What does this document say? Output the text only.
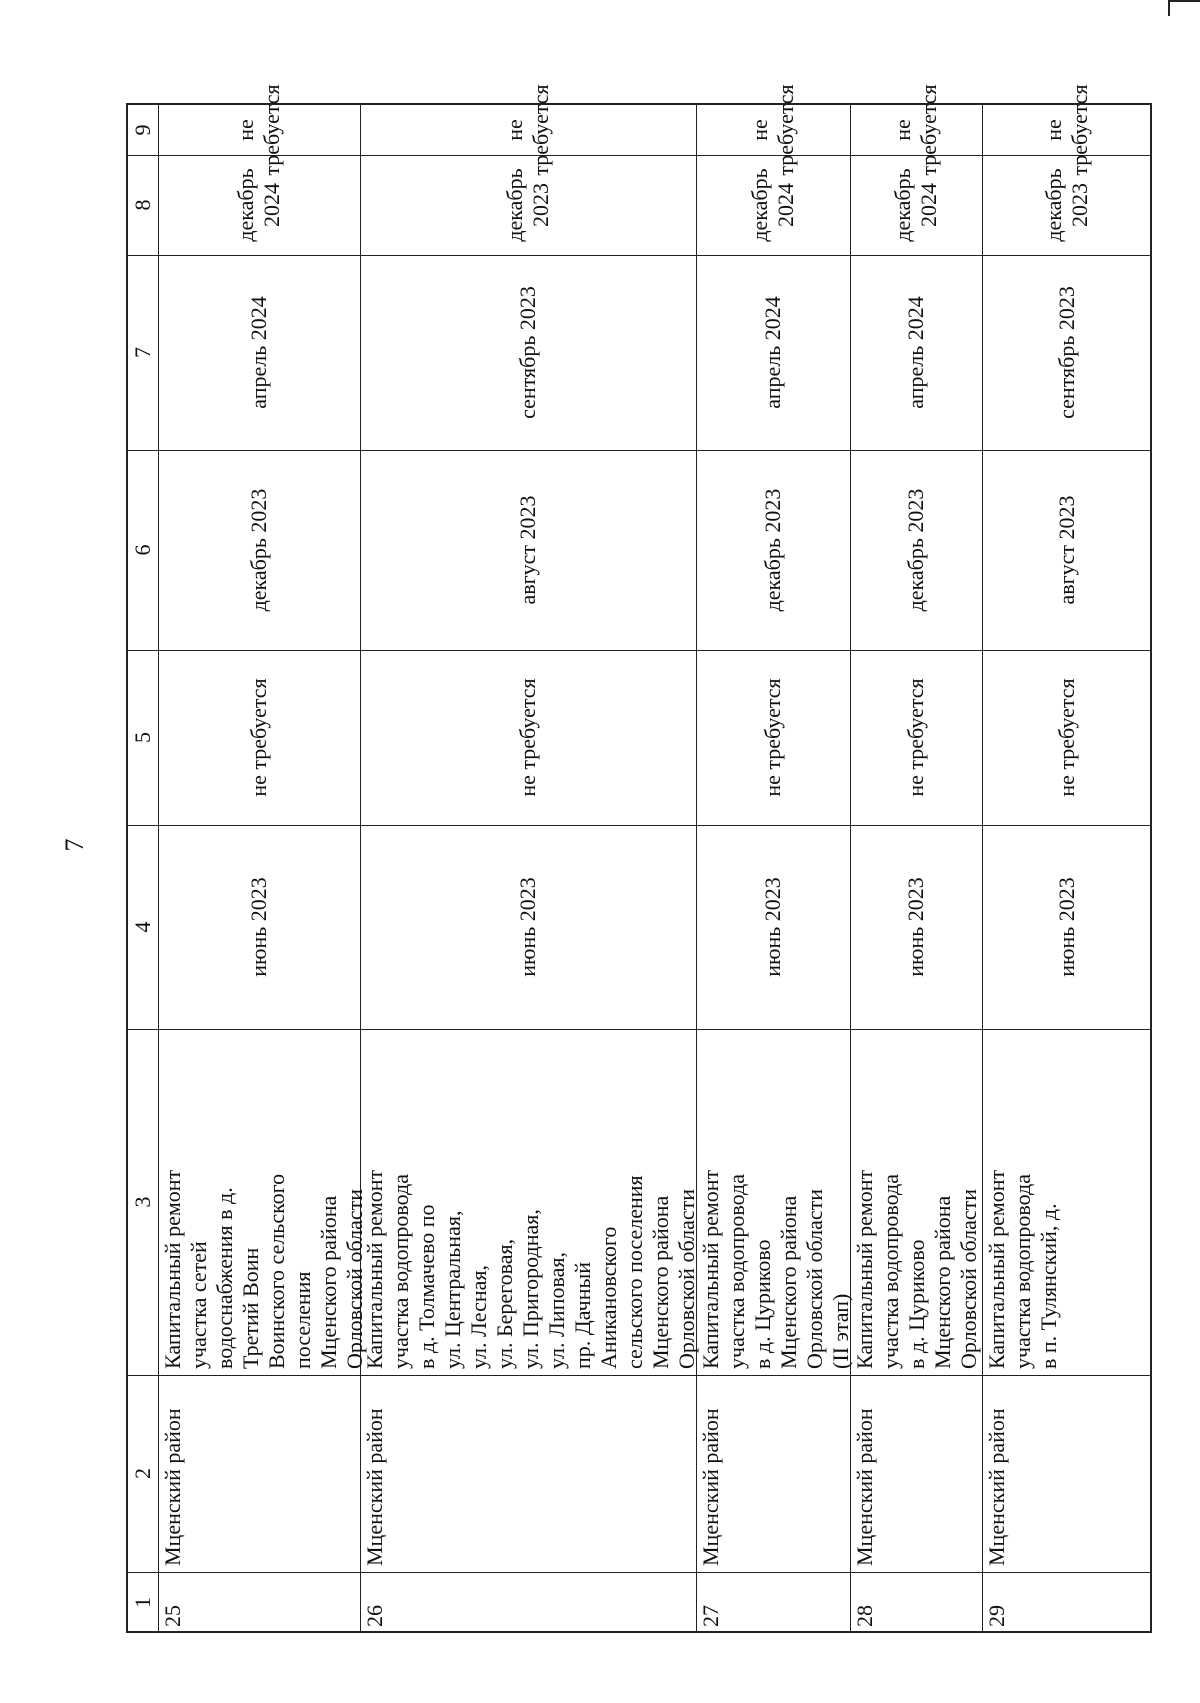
7
1
2
3
4
5
6
7
8
9
25
Мценский район
Капитальный ремонт
участка сетей
водоснабжения в д.
Третий Воин
Воинского сельского
поселения
Мценского района
Орловской области
июнь 2023
не требуется
декабрь 2023
апрель 2024
декабрь
2024
не требуется
26
Мценский район
Капитальный ремонт
участка водопровода
в д. Толмачево по
ул. Центральная,
ул. Лесная,
ул. Береговая,
ул. Пригородная,
ул. Липовая,
пр. Дачный
Аникановского
сельского поселения
Мценского района
Орловской области
июнь 2023
не требуется
август 2023
сентябрь 2023
декабрь
2023
не требуется
27
Мценский район
Капитальный ремонт
участка водопровода
в д. Цуриково
Мценского района
Орловской области
(II этап)
июнь 2023
не требуется
декабрь 2023
апрель 2024
декабрь
2024
не требуется
28
Мценский район
Капитальный ремонт
участка водопровода
в д. Цуриково
Мценского района
Орловской области
июнь 2023
не требуется
декабрь 2023
апрель 2024
декабрь
2024
не требуется
29
Мценский район
Капитальный ремонт
участка водопровода
в п. Тулянский, д.
июнь 2023
не требуется
август 2023
сентябрь 2023
декабрь
2023
не требуется
